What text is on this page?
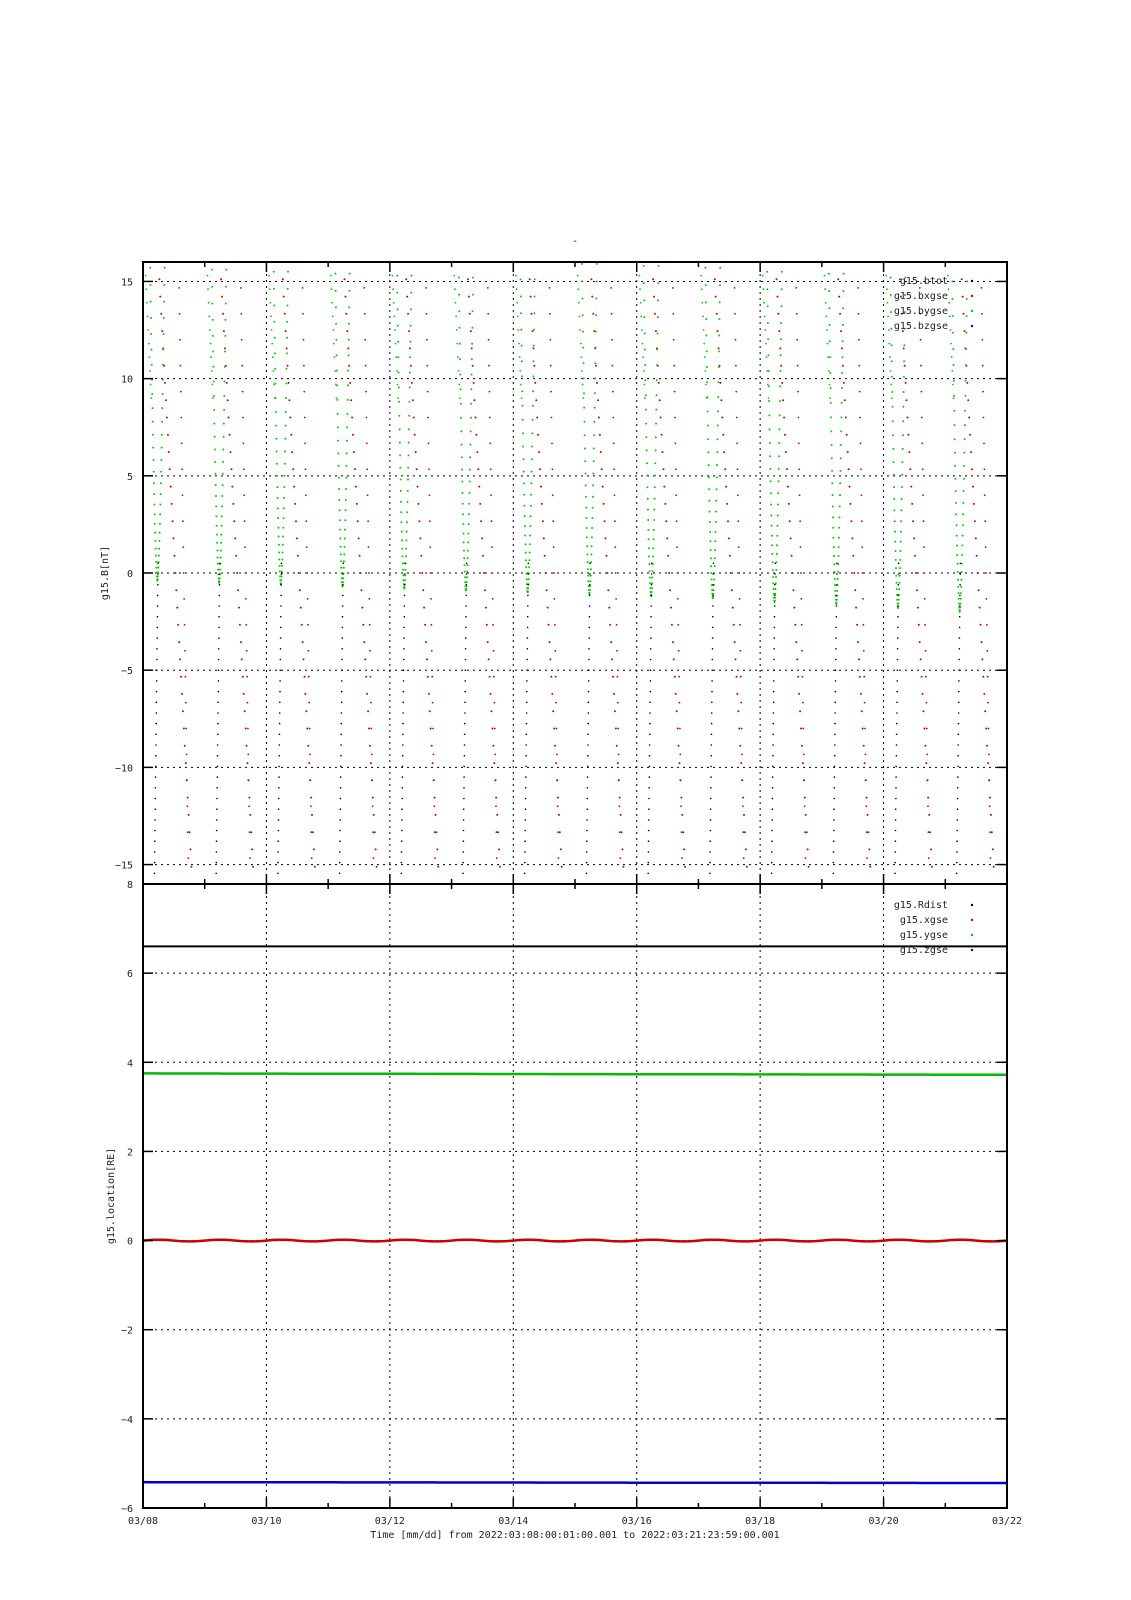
-
−15
−10
−5
0
5
10
15
g15.B[nT]
g15.btot
g15.bxgse
g15.bygse
g15.bzgse
−6
−4
−2
0
2
4
6
8
03/08	03/10	03/12	03/14	03/16	03/18	03/20	03/22
g15.location[RE]
g15.Rdist
g15.xgse
g15.ygse
g15.zgse
Time [mm/dd] from 2022:03:08:00:01:00.001 to 2022:03:21:23:59:00.001
